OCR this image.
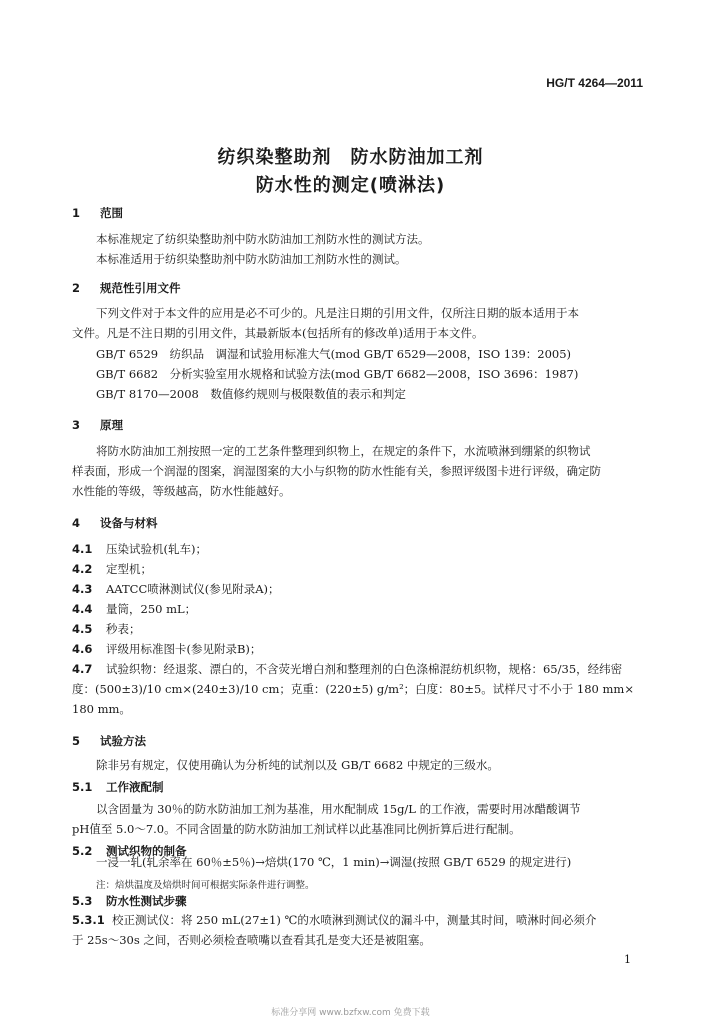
HG/T 4264—2011
纺织染整助剂　防水防油加工剂
防水性的测定(喷淋法)
1 范围
本标准规定了纺织染整助剂中防水防油加工剂防水性的测试方法。
本标准适用于纺织染整助剂中防水防油加工剂防水性的测试。
2 规范性引用文件
下列文件对于本文件的应用是必不可少的。凡是注日期的引用文件，仅所注日期的版本适用于本
文件。凡是不注日期的引用文件，其最新版本(包括所有的修改单)适用于本文件。
GB/T 6529　纺织品　调湿和试验用标准大气(mod GB/T 6529—2008，ISO 139：2005)
GB/T 6682　分析实验室用水规格和试验方法(mod GB/T 6682—2008，ISO 3696：1987)
GB/T 8170—2008　数值修约规则与极限数值的表示和判定
3 原理
将防水防油加工剂按照一定的工艺条件整理到织物上，在规定的条件下，水流喷淋到绷紧的织物试
样表面，形成一个润湿的图案，润湿图案的大小与织物的防水性能有关，参照评级图卡进行评级，确定防
水性能的等级，等级越高，防水性能越好。
4 设备与材料
4.1 压染试验机(轧车)；
4.2 定型机；
4.3 AATCC喷淋测试仪(参见附录A)；
4.4 量筒，250 mL；
4.5 秒表；
4.6 评级用标准图卡(参见附录B)；
4.7 试验织物：经退浆、漂白的，不含荧光增白剂和整理剂的白色涤棉混纺机织物，规格：65/35，经纬密
度：(500±3)/10 cm×(240±3)/10 cm；克重：(220±5) g/m²；白度：80±5。试样尺寸不小于 180 mm×
180 mm。
5 试验方法
除非另有规定，仅使用确认为分析纯的试剂以及 GB/T 6682 中规定的三级水。
5.1 工作液配制
以含固量为 30％的防水防油加工剂为基准，用水配制成 15g/L 的工作液，需要时用冰醋酸调节
pH值至 5.0～7.0。不同含固量的防水防油加工剂试样以此基准同比例折算后进行配制。
5.2 测试织物的制备
一浸一轧(轧余率在 60％±5％)→焙烘(170 ℃，1 min)→调湿(按照 GB/T 6529 的规定进行)
注：焙烘温度及焙烘时间可根据实际条件进行调整。
5.3 防水性测试步骤
5.3.1 校正测试仪：将 250 mL(27±1) ℃的水喷淋到测试仪的漏斗中，测量其时间，喷淋时间必须介
于 25s～30s 之间，否则必须检查喷嘴以查看其孔是变大还是被阻塞。
1
标准分享网 www.bzfxw.com 免费下载
